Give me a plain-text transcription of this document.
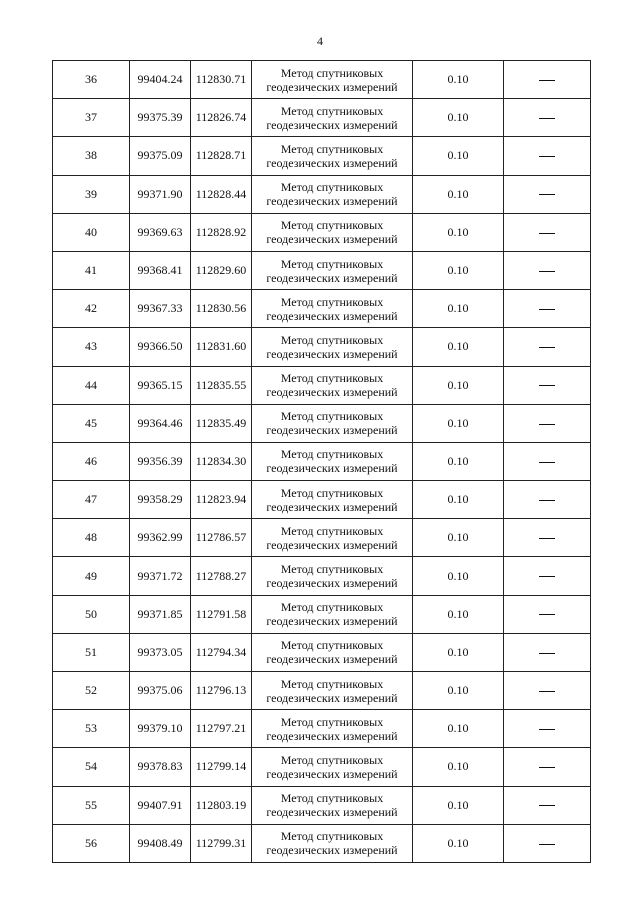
4
36	99404.24	112830.71	Метод спутниковых геодезических измерений	0.10	
37	99375.39	112826.74	Метод спутниковых геодезических измерений	0.10	
38	99375.09	112828.71	Метод спутниковых геодезических измерений	0.10	
39	99371.90	112828.44	Метод спутниковых геодезических измерений	0.10	
40	99369.63	112828.92	Метод спутниковых геодезических измерений	0.10	
41	99368.41	112829.60	Метод спутниковых геодезических измерений	0.10	
42	99367.33	112830.56	Метод спутниковых геодезических измерений	0.10	
43	99366.50	112831.60	Метод спутниковых геодезических измерений	0.10	
44	99365.15	112835.55	Метод спутниковых геодезических измерений	0.10	
45	99364.46	112835.49	Метод спутниковых геодезических измерений	0.10	
46	99356.39	112834.30	Метод спутниковых геодезических измерений	0.10	
47	99358.29	112823.94	Метод спутниковых геодезических измерений	0.10	
48	99362.99	112786.57	Метод спутниковых геодезических измерений	0.10	
49	99371.72	112788.27	Метод спутниковых геодезических измерений	0.10	
50	99371.85	112791.58	Метод спутниковых геодезических измерений	0.10	
51	99373.05	112794.34	Метод спутниковых геодезических измерений	0.10	
52	99375.06	112796.13	Метод спутниковых геодезических измерений	0.10	
53	99379.10	112797.21	Метод спутниковых геодезических измерений	0.10	
54	99378.83	112799.14	Метод спутниковых геодезических измерений	0.10	
55	99407.91	112803.19	Метод спутниковых геодезических измерений	0.10	
56	99408.49	112799.31	Метод спутниковых геодезических измерений	0.10	
